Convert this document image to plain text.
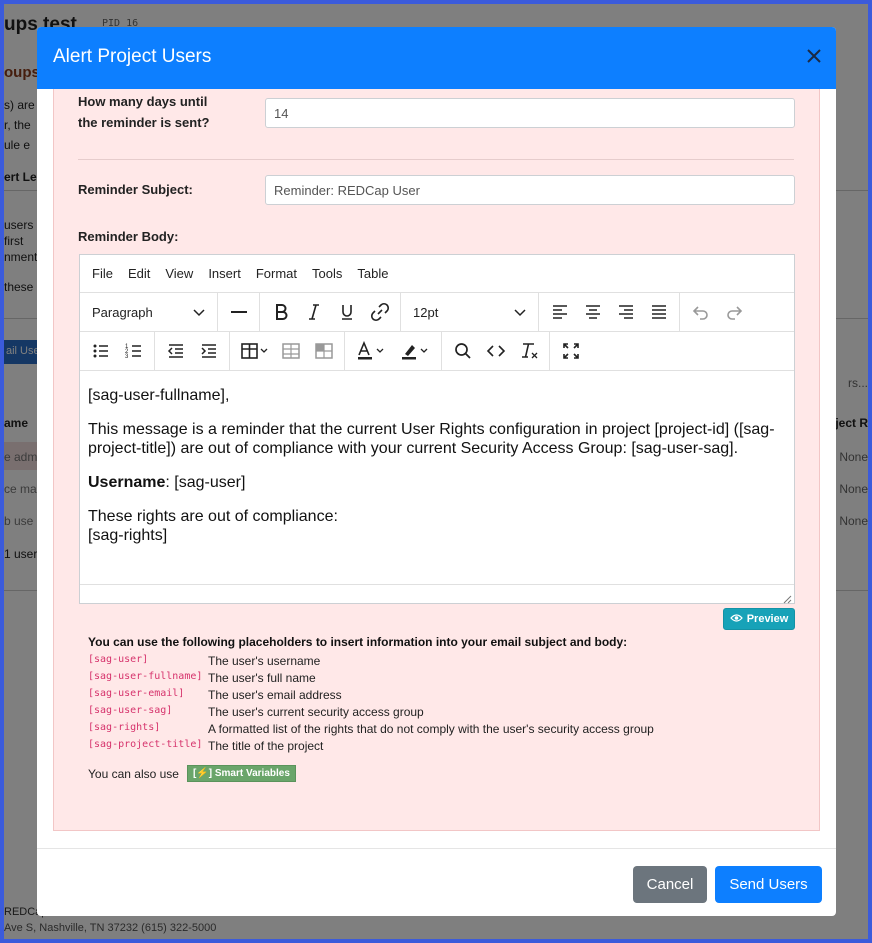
Alert Project Users
How many days until the reminder is sent?
14
Reminder Subject:
Reminder: REDCap User
Reminder Body:
File Edit View Insert Format Tools Table
Paragraph	12pt
1
2
3

[sag-user-fullname],

This message is a reminder that the current User Rights configuration in project [project-id] ([sag-project-title]) are out of compliance with your current Security Access Group: [sag-user-sag].

Username: [sag-user]

These rights are out of compliance:
[sag-rights]

Preview
You can use the following placeholders to insert information into your email subject and body:
[sag-user]	The user's username
[sag-user-fullname] The user's full name
[sag-user-email]	The user's email address
[sag-user-sag]	The user's current security access group
[sag-rights]	A formatted list of the rights that do not comply with the user's security access group
[sag-project-title] The title of the project
You can also use	[⚡] Smart Variables
Cancel	Send Users
